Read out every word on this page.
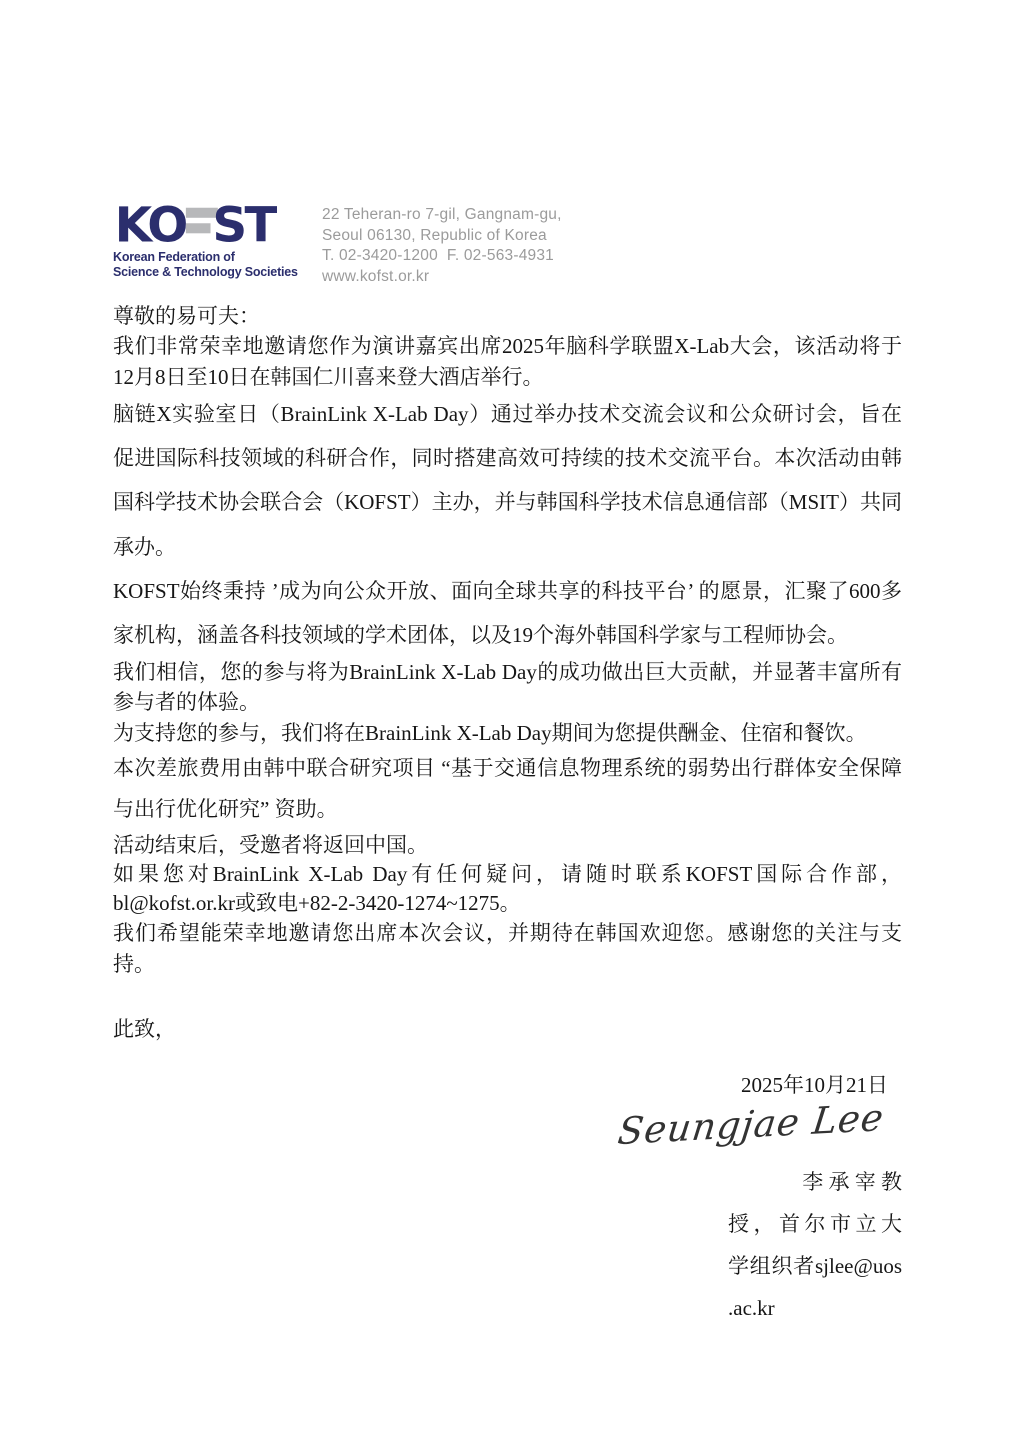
KO ST
Korean Federation of
Science & Technology Societies
22 Teheran-ro 7-gil, Gangnam-gu,
Seoul 06130, Republic of Korea
T. 02-3420-1200  F. 02-563-4931
www.kofst.or.kr
尊敬的易可夫：

我们非常荣幸地邀请您作为演讲嘉宾出席2025年脑科学联盟X-Lab大会，该活动将于12月8日至10日在韩国仁川喜来登大酒店举行。

脑链X实验室日（BrainLink X-Lab Day）通过举办技术交流会议和公众研讨会，旨在促进国际科技领域的科研合作，同时搭建高效可持续的技术交流平台。本次活动由韩国科学技术协会联合会（KOFST）主办，并与韩国科学技术信息通信部（MSIT）共同承办。

KOFST始终秉持 ’成为向公众开放、面向全球共享的科技平台’ 的愿景，汇聚了600多家机构，涵盖各科技领域的学术团体，以及19个海外韩国科学家与工程师协会。

我们相信，您的参与将为BrainLink X-Lab Day的成功做出巨大贡献，并显著丰富所有参与者的体验。

为支持您的参与，我们将在BrainLink X-Lab Day期间为您提供酬金、住宿和餐饮。

本次差旅费用由韩中联合研究项目 “基于交通信息物理系统的弱势出行群体安全保障与出行优化研究” 资助。

活动结束后，受邀者将返回中国。

如果您对BrainLink X-Lab Day有任何疑问，请随时联系KOFST国际合作部，bl@kofst.or.kr或致电+82-2-3420-1274~1275。

我们希望能荣幸地邀请您出席本次会议，并期待在韩国欢迎您。感谢您的关注与支持。

此致，
2025年10月21日
Seungjae Lee
李 承 宰 教
授，首尔市立大
学组织者sjlee@uos
.ac.kr
